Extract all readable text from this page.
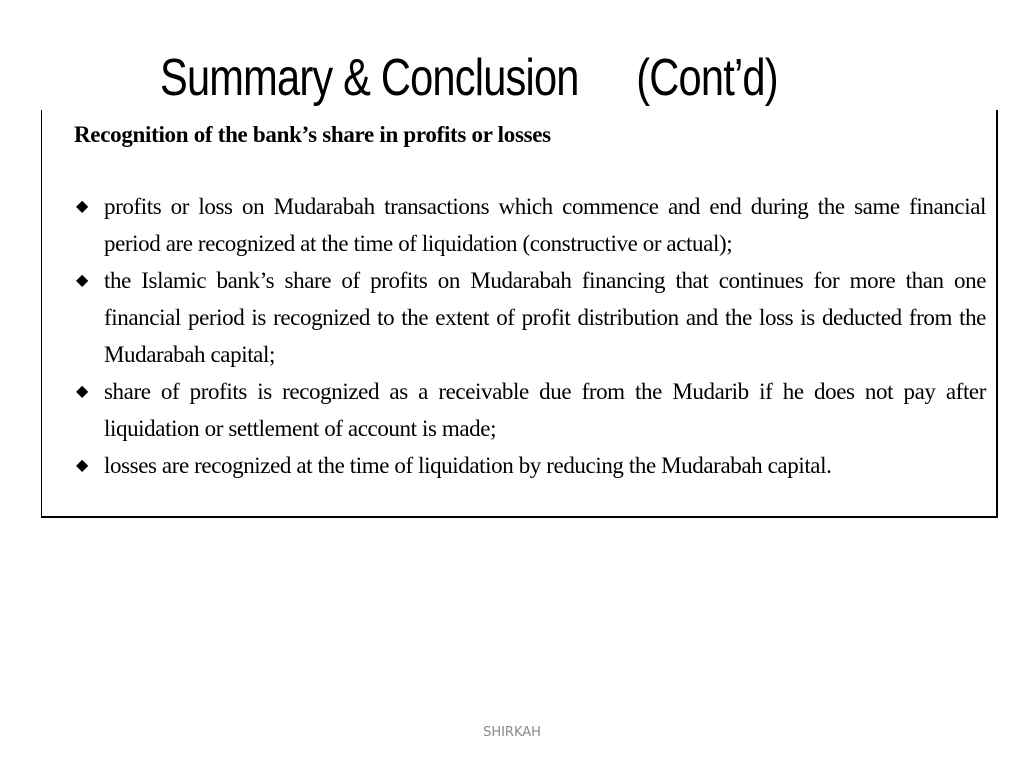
Summary & Conclusion (Cont’d)

Recognition of the bank’s share in profits or losses

◆ profits or loss on Mudarabah transactions which commence and end during the same financial period are recognized at the time of liquidation (constructive or actual);
◆ the Islamic bank’s share of profits on Mudarabah financing that continues for more than one financial period is recognized to the extent of profit distribution and the loss is deducted from the Mudarabah capital;
◆ share of profits is recognized as a receivable due from the Mudarib if he does not pay after liquidation or settlement of account is made;
◆ losses are recognized at the time of liquidation by reducing the Mudarabah capital.
SHIRKAH
